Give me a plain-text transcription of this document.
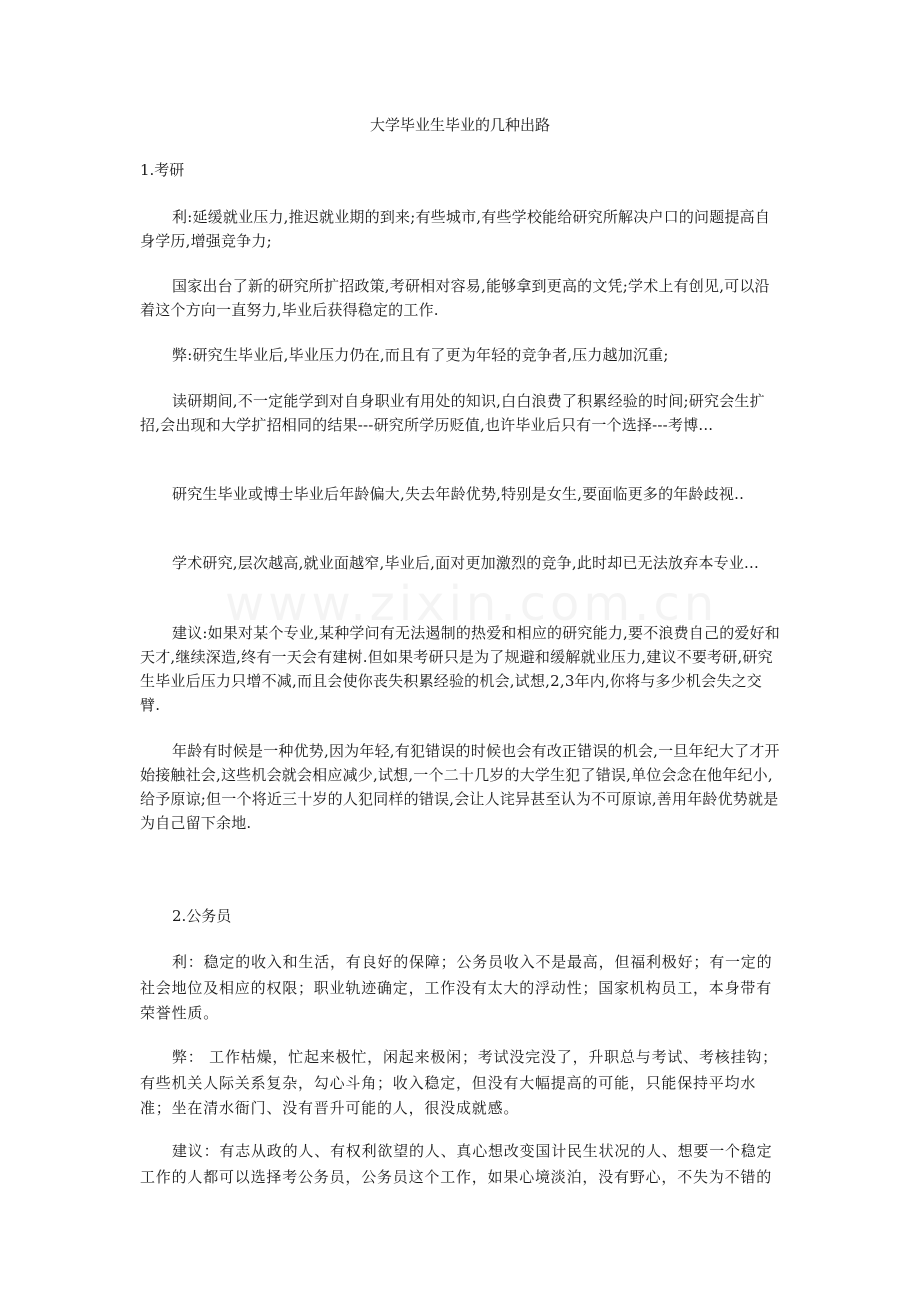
大学毕业生毕业的几种出路
1.考研
利:延缓就业压力,推迟就业期的到来;有些城市,有些学校能给研究所解决户口的问题提高自身学历,增强竞争力;
国家出台了新的研究所扩招政策,考研相对容易,能够拿到更高的文凭;学术上有创见,可以沿着这个方向一直努力,毕业后获得稳定的工作.
弊:研究生毕业后,毕业压力仍在,而且有了更为年轻的竞争者,压力越加沉重;
读研期间,不一定能学到对自身职业有用处的知识,白白浪费了积累经验的时间;研究会生扩招,会出现和大学扩招相同的结果---研究所学历贬值,也许毕业后只有一个选择---考博...
研究生毕业或博士毕业后年龄偏大,失去年龄优势,特别是女生,要面临更多的年龄歧视..
学术研究,层次越高,就业面越窄,毕业后,面对更加激烈的竞争,此时却已无法放弃本专业...
建议:如果对某个专业,某种学问有无法遏制的热爱和相应的研究能力,要不浪费自己的爱好和天才,继续深造,终有一天会有建树.但如果考研只是为了规避和缓解就业压力,建议不要考研,研究生毕业后压力只增不减,而且会使你丧失积累经验的机会,试想,2,3年内,你将与多少机会失之交臂.
年龄有时候是一种优势,因为年轻,有犯错误的时候也会有改正错误的机会,一旦年纪大了才开始接触社会,这些机会就会相应减少,试想,一个二十几岁的大学生犯了错误,单位会念在他年纪小,给予原谅;但一个将近三十岁的人犯同样的错误,会让人诧异甚至认为不可原谅,善用年龄优势就是为自己留下余地.
2.公务员
利：稳定的收入和生活，有良好的保障；公务员收入不是最高，但福利极好；有一定的社会地位及相应的权限；职业轨迹确定，工作没有太大的浮动性；国家机构员工，本身带有荣誉性质。
弊： 工作枯燥，忙起来极忙，闲起来极闲；考试没完没了，升职总与考试、考核挂钩；有些机关人际关系复杂，勾心斗角；收入稳定，但没有大幅提高的可能，只能保持平均水准；坐在清水衙门、没有晋升可能的人，很没成就感。
建议：有志从政的人、有权利欲望的人、真心想改变国计民生状况的人、想要一个稳定工作的人都可以选择考公务员，公务员这个工作，如果心境淡泊，没有野心，不失为不错的
